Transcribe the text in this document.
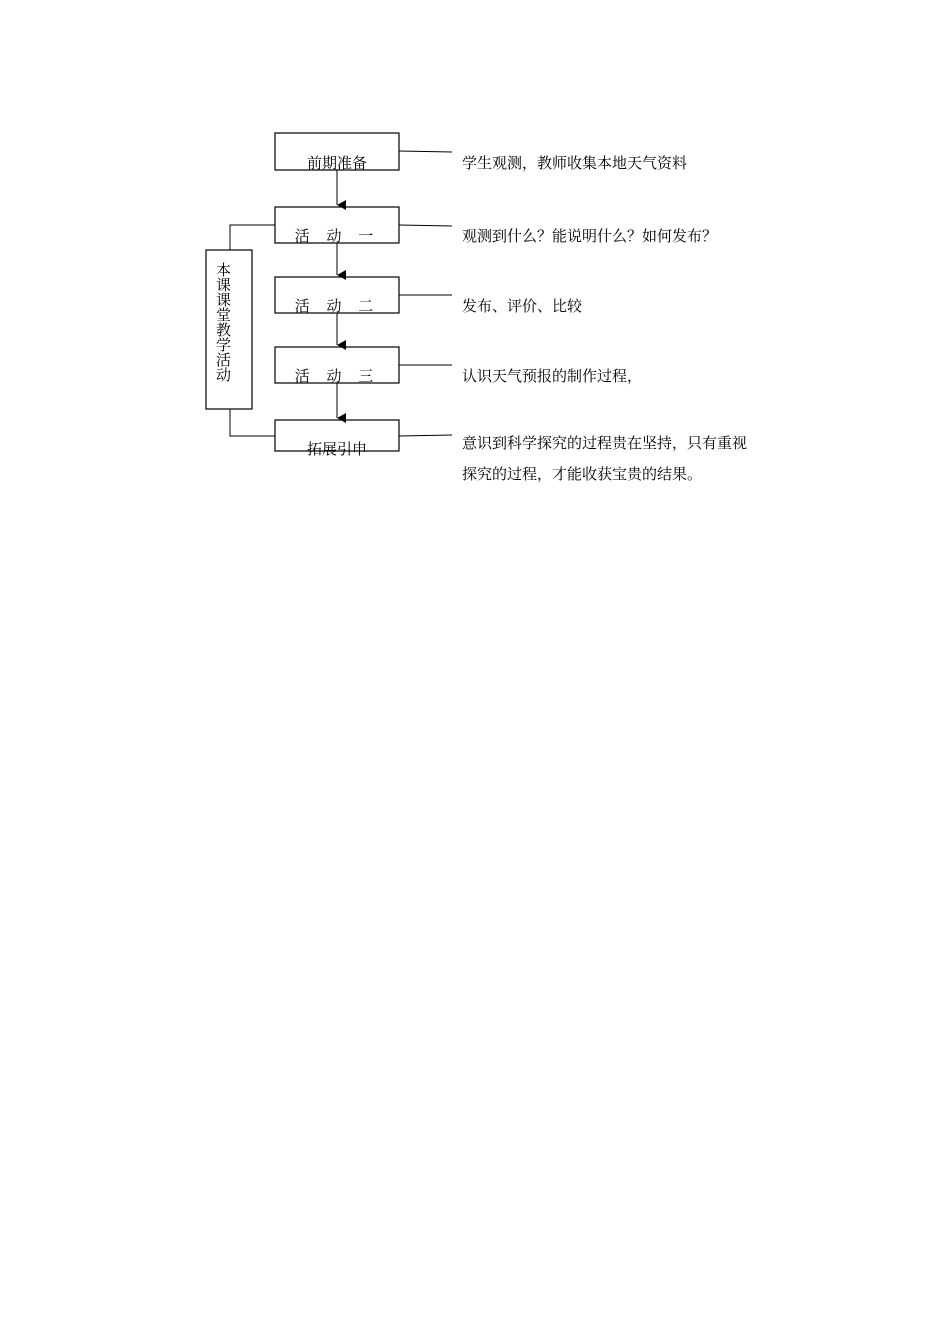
前期准备
活 动 一
活 动 二
活 动 三
拓展引申
本课课堂教学活动
学生观测，教师收集本地天气资料
观测到什么？能说明什么？如何发布？
发布、评价、比较
认识天气预报的制作过程，
意识到科学探究的过程贵在坚持，只有重视探究的过程，才能收获宝贵的结果。
